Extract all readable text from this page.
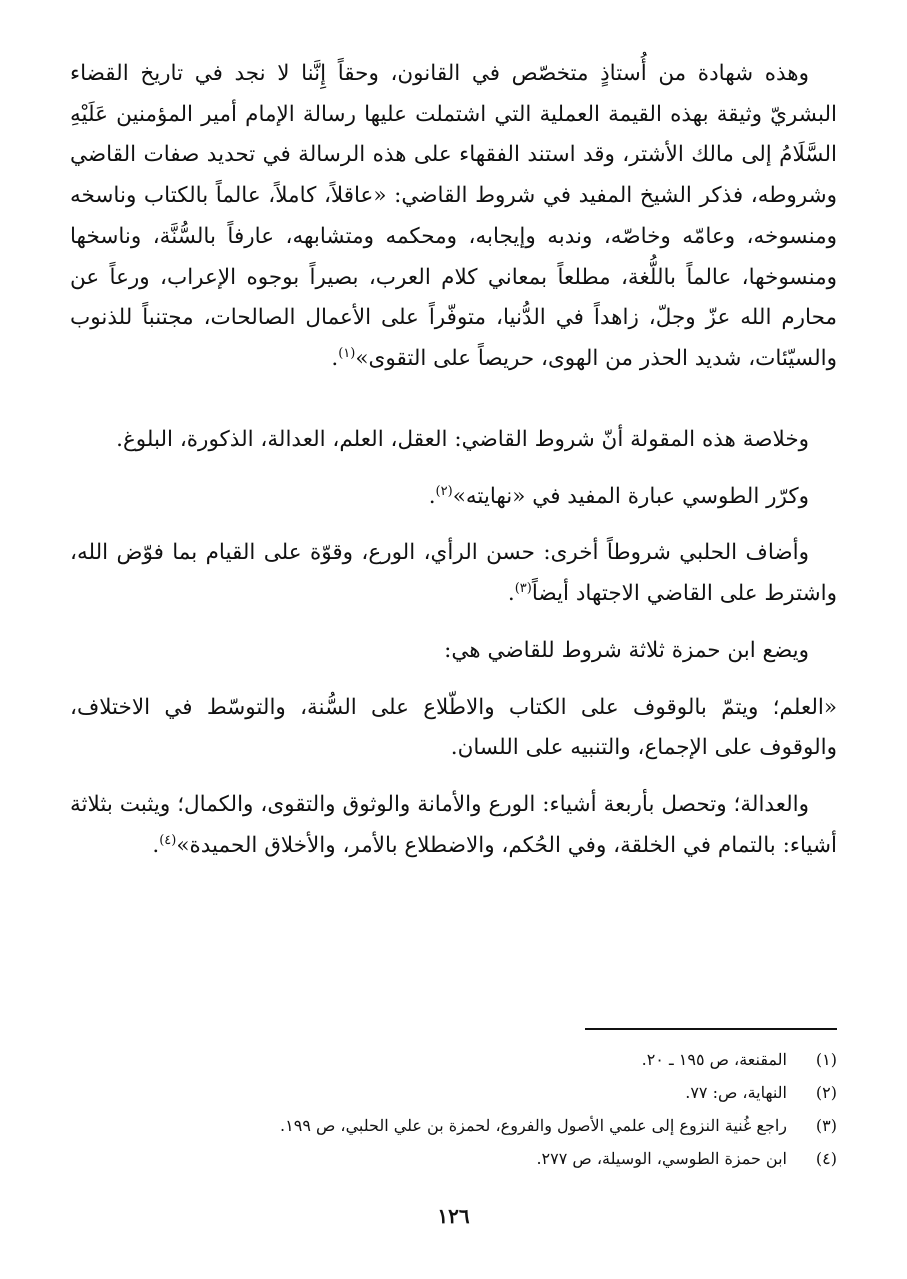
وهذه شهادة من أُستاذٍ متخصّص في القانون، وحقاً إِنَّنا لا نجد في تاريخ القضاء البشريّ وثيقة بهذه القيمة العملية التي اشتملت عليها رسالة الإمام أمير المؤمنين عَلَيْهِ السَّلَامُ إلى مالك الأشتر، وقد استند الفقهاء على هذه الرسالة في تحديد صفات القاضي وشروطه، فذكر الشيخ المفيد في شروط القاضي: «عاقلاً، كاملاً، عالماً بالكتاب وناسخه ومنسوخه، وعامّه وخاصّه، وندبه وإيجابه، ومحكمه ومتشابهه، عارفاً بالسُّنَّة، وناسخها ومنسوخها، عالماً باللُّغة، مطلعاً بمعاني كلام العرب، بصيراً بوجوه الإعراب، ورعاً عن محارم الله عزّ وجلّ، زاهداً في الدُّنيا، متوفّراً على الأعمال الصالحات، مجتنباً للذنوب والسيّئات، شديد الحذر من الهوى، حريصاً على التقوى»$^{(١)}$.

وخلاصة هذه المقولة أنّ شروط القاضي: العقل، العلم، العدالة، الذكورة، البلوغ.

وكرّر الطوسي عبارة المفيد في «نهايته»$^{(٢)}$.

وأضاف الحلبي شروطاً أخرى: حسن الرأي، الورع، وقوّة على القيام بما فوّض الله، واشترط على القاضي الاجتهاد أيضاً$^{(٣)}$.

ويضع ابن حمزة ثلاثة شروط للقاضي هي:

«العلم؛ ويتمّ بالوقوف على الكتاب والاطّلاع على السُّنة، والتوسّط في الاختلاف، والوقوف على الإجماع، والتنبيه على اللسان.

والعدالة؛ وتحصل بأربعة أشياء: الورع والأمانة والوثوق والتقوى، والكمال؛ ويثبت بثلاثة أشياء: بالتمام في الخلقة، وفي الحُكم، والاضطلاع بالأمر، والأخلاق الحميدة»$^{(٤)}$.

(١)المقنعة، ص ١٩٥ ـ ٢٠.
(٢)النهاية، ص: ٧٧.
(٣)راجع غُنية النزوع إلى علمي الأصول والفروع، لحمزة بن علي الحلبي، ص ١٩٩.
(٤)ابن حمزة الطوسي، الوسيلة، ص ٢٧٧.
١٢٦
